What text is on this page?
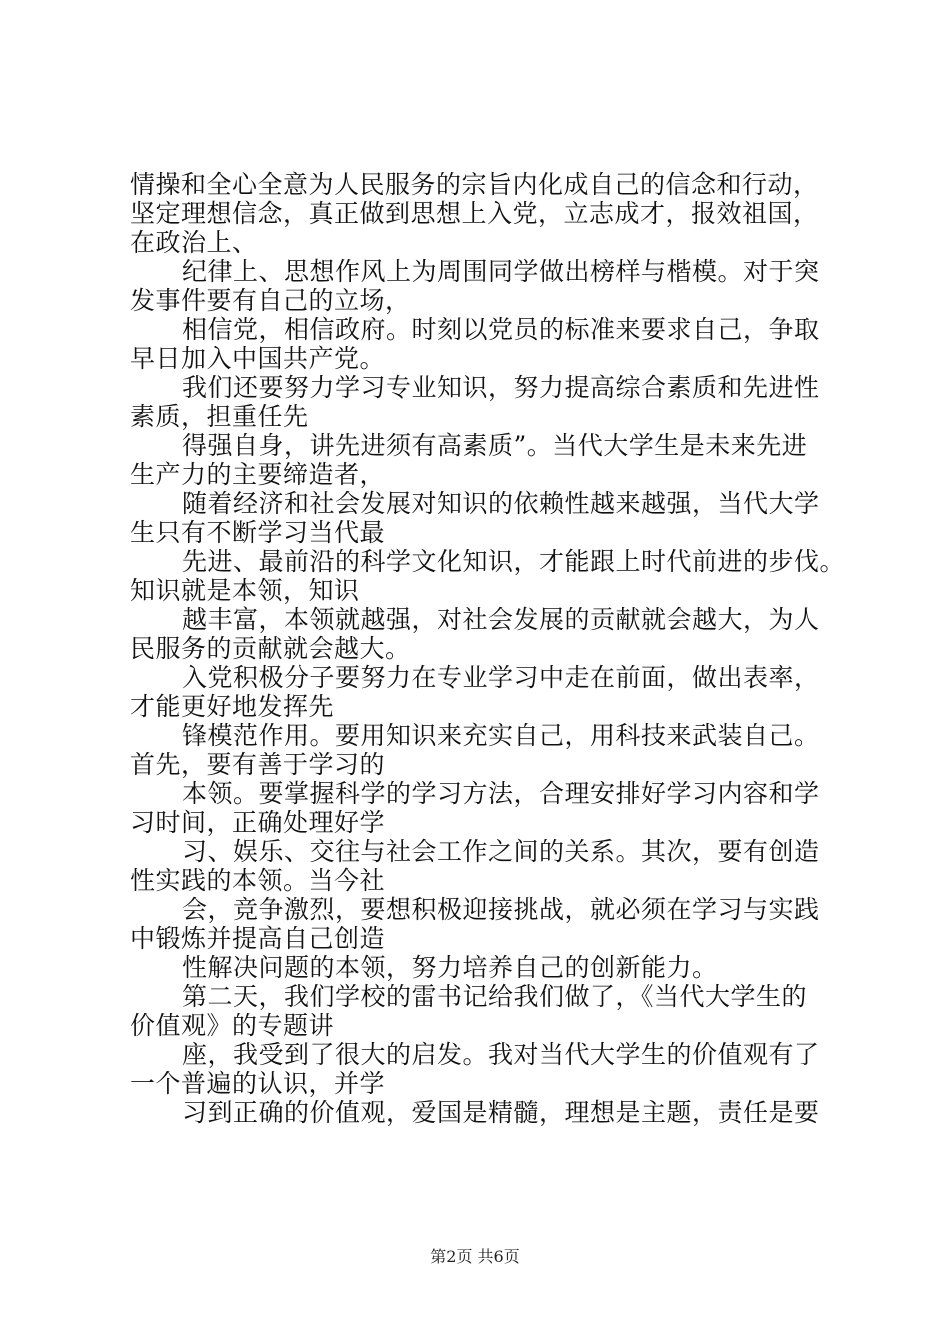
情操和全心全意为人民服务的宗旨内化成自己的信念和行动，
坚定理想信念，真正做到思想上入党，立志成才，报效祖国，
在政治上、
纪律上、思想作风上为周围同学做出榜样与楷模。对于突
发事件要有自己的立场，
相信党，相信政府。时刻以党员的标准来要求自己，争取
早日加入中国共产党。
我们还要努力学习专业知识，努力提高综合素质和先进性
素质，担重任先
得强自身，讲先进须有高素质”。当代大学生是未来先进
生产力的主要缔造者，
随着经济和社会发展对知识的依赖性越来越强，当代大学
生只有不断学习当代最
先进、最前沿的科学文化知识，才能跟上时代前进的步伐。
知识就是本领，知识
越丰富，本领就越强，对社会发展的贡献就会越大，为人
民服务的贡献就会越大。
入党积极分子要努力在专业学习中走在前面，做出表率，
才能更好地发挥先
锋模范作用。要用知识来充实自己，用科技来武装自己。
首先，要有善于学习的
本领。要掌握科学的学习方法，合理安排好学习内容和学
习时间，正确处理好学
习、娱乐、交往与社会工作之间的关系。其次，要有创造
性实践的本领。当今社
会，竞争激烈，要想积极迎接挑战，就必须在学习与实践
中锻炼并提高自己创造
性解决问题的本领，努力培养自己的创新能力。
第二天，我们学校的雷书记给我们做了，《当代大学生的
价值观》的专题讲
座，我受到了很大的启发。我对当代大学生的价值观有了
一个普遍的认识，并学
习到正确的价值观，爱国是精髓，理想是主题，责任是要
第2页 共6页
